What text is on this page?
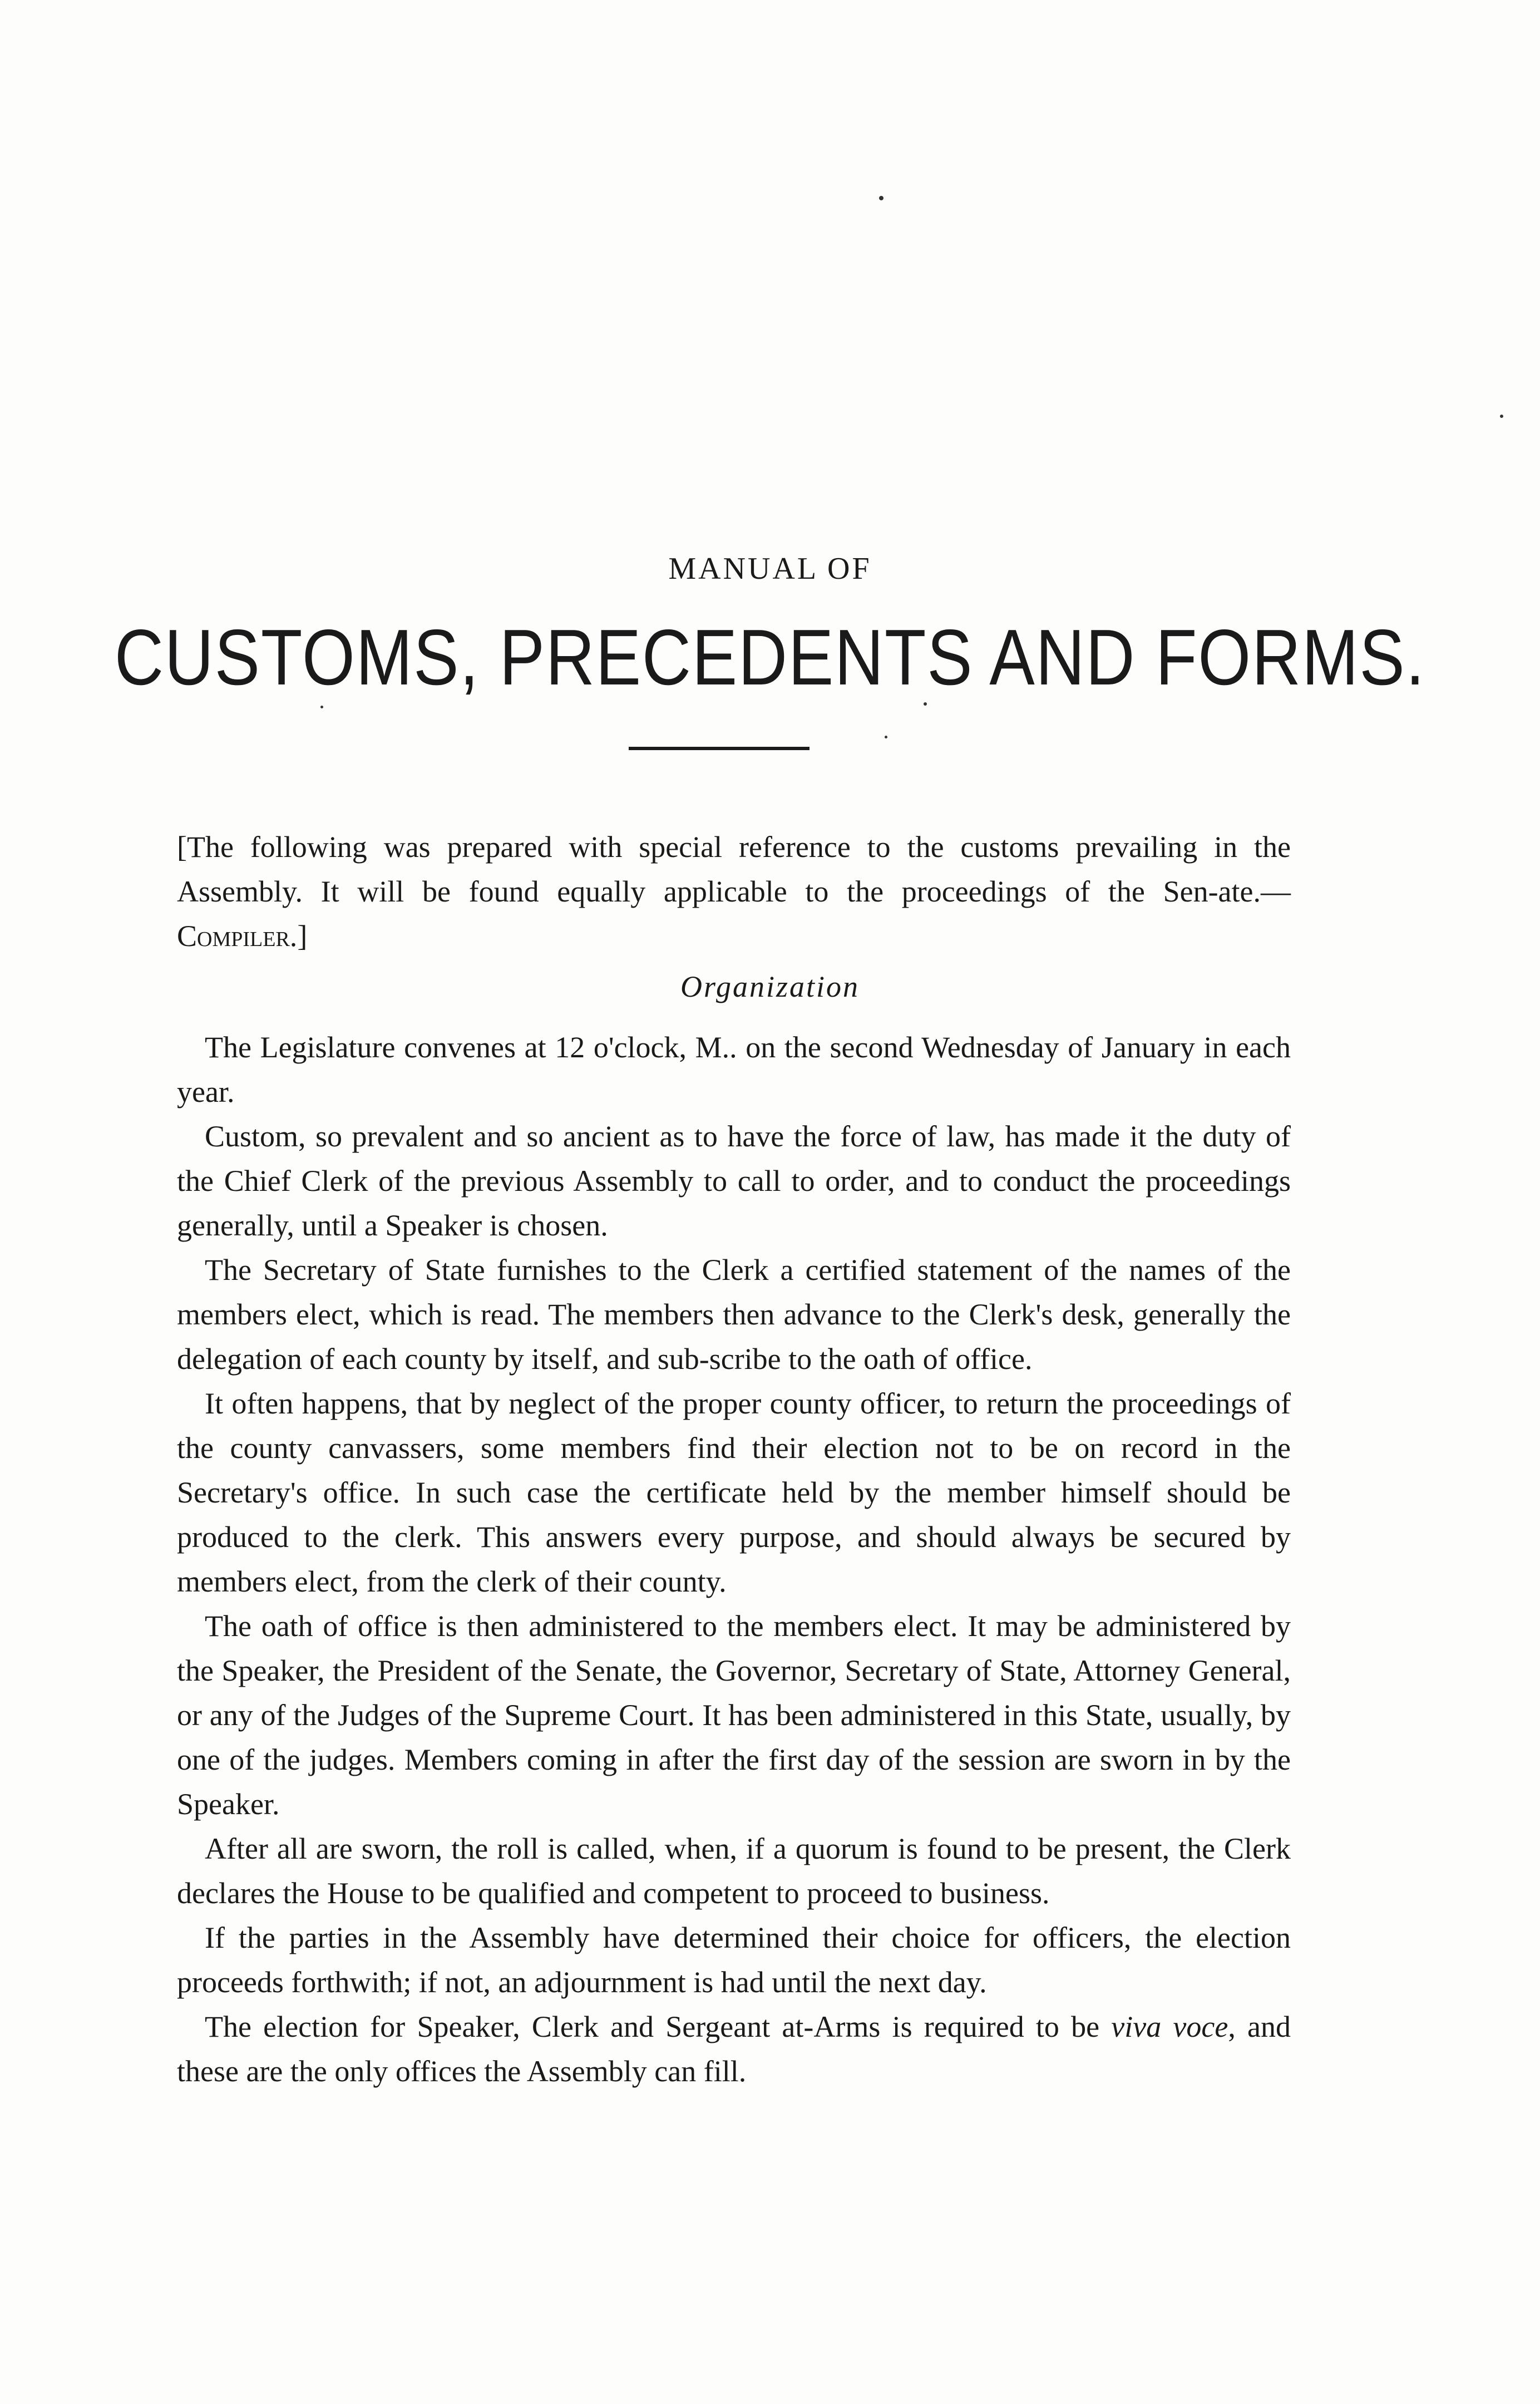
MANUAL OF
CUSTOMS, PRECEDENTS AND FORMS.

[The following was prepared with special reference to the customs prevailing in the Assembly. It will be found equally applicable to the proceedings of the Sen-ate.—Compiler.]

Organization

The Legislature convenes at 12 o'clock, M.. on the second Wednesday of January in each year.

Custom, so prevalent and so ancient as to have the force of law, has made it the duty of the Chief Clerk of the previous Assembly to call to order, and to conduct the proceedings generally, until a Speaker is chosen.

The Secretary of State furnishes to the Clerk a certified statement of the names of the members elect, which is read. The members then advance to the Clerk's desk, generally the delegation of each county by itself, and sub-scribe to the oath of office.

It often happens, that by neglect of the proper county officer, to return the proceedings of the county canvassers, some members find their election not to be on record in the Secretary's office. In such case the certificate held by the member himself should be produced to the clerk. This answers every purpose, and should always be secured by members elect, from the clerk of their county.

The oath of office is then administered to the members elect. It may be administered by the Speaker, the President of the Senate, the Governor, Secretary of State, Attorney General, or any of the Judges of the Supreme Court. It has been administered in this State, usually, by one of the judges. Members coming in after the first day of the session are sworn in by the Speaker.

After all are sworn, the roll is called, when, if a quorum is found to be present, the Clerk declares the House to be qualified and competent to proceed to business.

If the parties in the Assembly have determined their choice for officers, the election proceeds forthwith; if not, an adjournment is had until the next day.

The election for Speaker, Clerk and Sergeant at-Arms is required to be viva voce, and these are the only offices the Assembly can fill.
